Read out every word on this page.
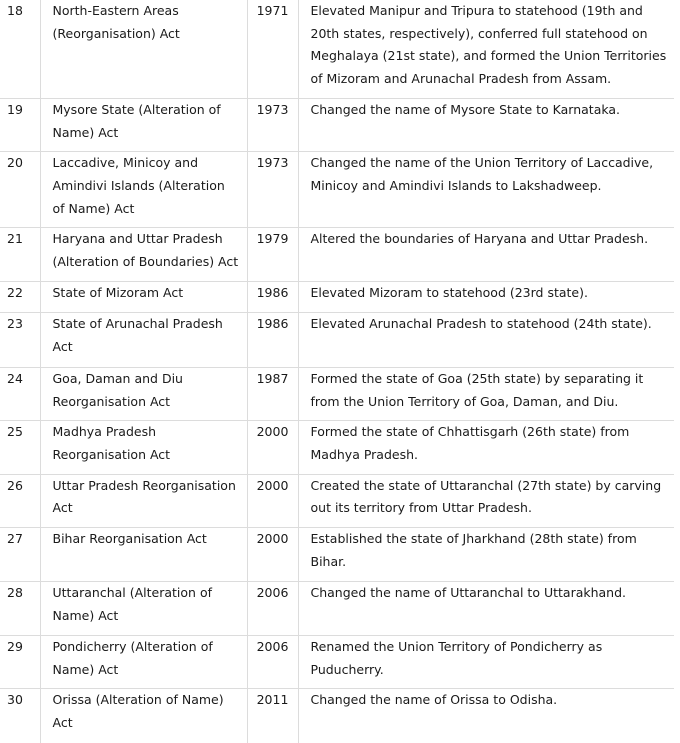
18	North-Eastern Areas (Reorganisation) Act	1971	Elevated Manipur and Tripura to statehood (19th and 20th states, respectively), conferred full statehood on Meghalaya (21st state), and formed the Union Territories of Mizoram and Arunachal Pradesh from Assam.
19	Mysore State (Alteration of Name) Act	1973	Changed the name of Mysore State to Karnataka.
20	Laccadive, Minicoy and Amindivi Islands (Alteration of Name) Act	1973	Changed the name of the Union Territory of Laccadive, Minicoy and Amindivi Islands to Lakshadweep.
21	Haryana and Uttar Pradesh (Alteration of Boundaries) Act	1979	Altered the boundaries of Haryana and Uttar Pradesh.
22	State of Mizoram Act	1986	Elevated Mizoram to statehood (23rd state).
23	State of Arunachal Pradesh Act	1986	Elevated Arunachal Pradesh to statehood (24th state).
24	Goa, Daman and Diu Reorganisation Act	1987	Formed the state of Goa (25th state) by separating it from the Union Territory of Goa, Daman, and Diu.
25	Madhya Pradesh Reorganisation Act	2000	Formed the state of Chhattisgarh (26th state) from Madhya Pradesh.
26	Uttar Pradesh Reorganisation Act	2000	Created the state of Uttaranchal (27th state) by carving out its territory from Uttar Pradesh.
27	Bihar Reorganisation Act	2000	Established the state of Jharkhand (28th state) from Bihar.
28	Uttaranchal (Alteration of Name) Act	2006	Changed the name of Uttaranchal to Uttarakhand.
29	Pondicherry (Alteration of Name) Act	2006	Renamed the Union Territory of Pondicherry as Puducherry.
30	Orissa (Alteration of Name) Act	2011	Changed the name of Orissa to Odisha.
